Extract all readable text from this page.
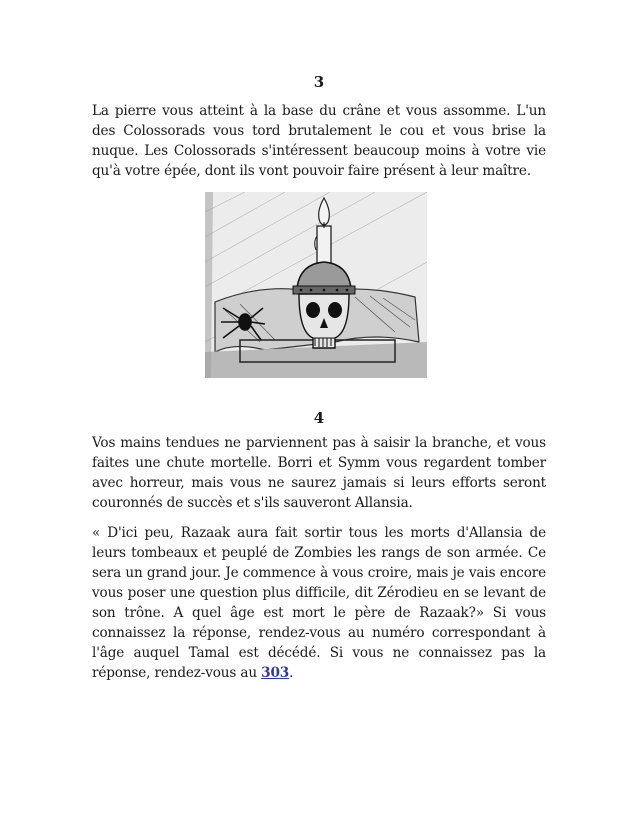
3

La pierre vous atteint à la base du crâne et vous assomme. L'un des Colossorads vous tord brutalement le cou et vous brise la nuque. Les Colossorads s'intéressent beaucoup moins à votre vie qu'à votre épée, dont ils vont pouvoir faire présent à leur maître.

4

Vos mains tendues ne parviennent pas à saisir la branche, et vous faites une chute mortelle. Borri et Symm vous regardent tomber avec horreur, mais vous ne saurez jamais si leurs efforts seront couronnés de succès et s'ils sauveront Allansia.

« D'ici peu, Razaak aura fait sortir tous les morts d'Allansia de leurs tombeaux et peuplé de Zombies les rangs de son armée. Ce sera un grand jour. Je commence à vous croire, mais je vais encore vous poser une question plus difficile, dit Zérodieu en se levant de son trône. A quel âge est mort le père de Razaak?» Si vous connaissez la réponse, rendez-vous au numéro correspondant à l'âge auquel Tamal est décédé. Si vous ne connaissez pas la réponse, rendez-vous au 303.
